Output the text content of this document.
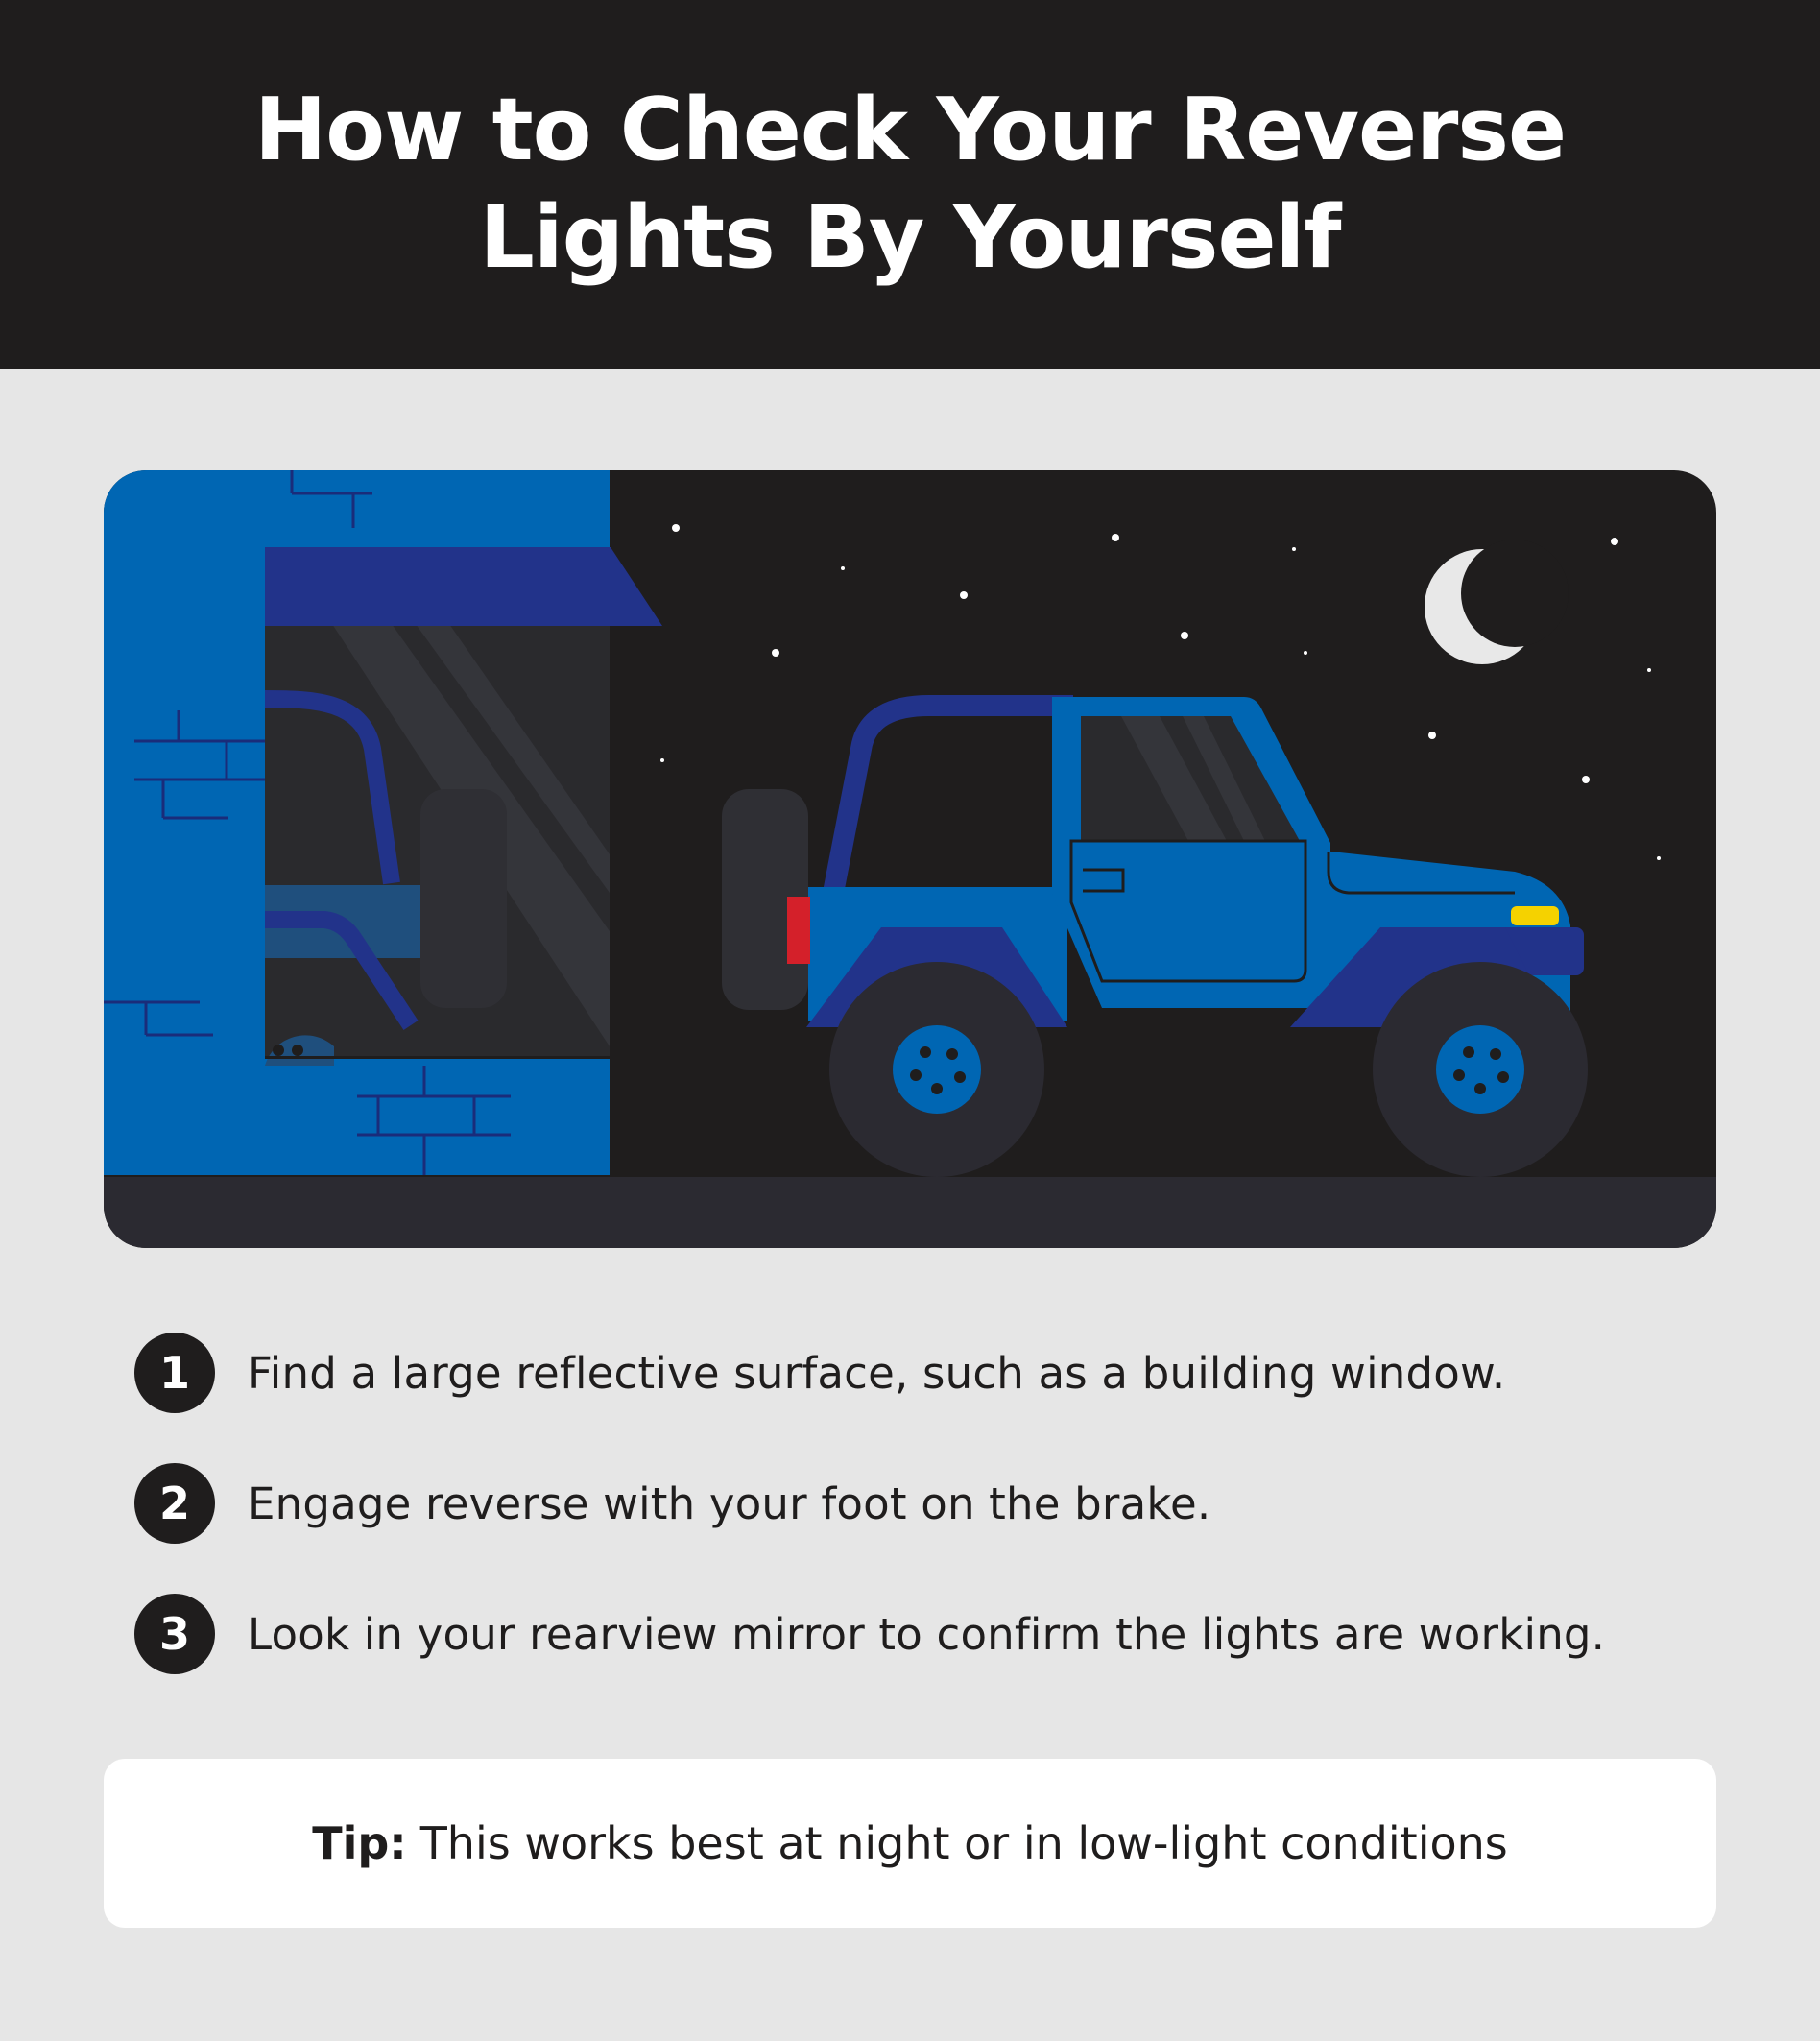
How to Check Your Reverse Lights By Yourself
1	Find a large reflective surface, such as a building window.
2	Engage reverse with your foot on the brake.
3	Look in your rearview mirror to confirm the lights are working.
Tip: This works best at night or in low-light conditions
